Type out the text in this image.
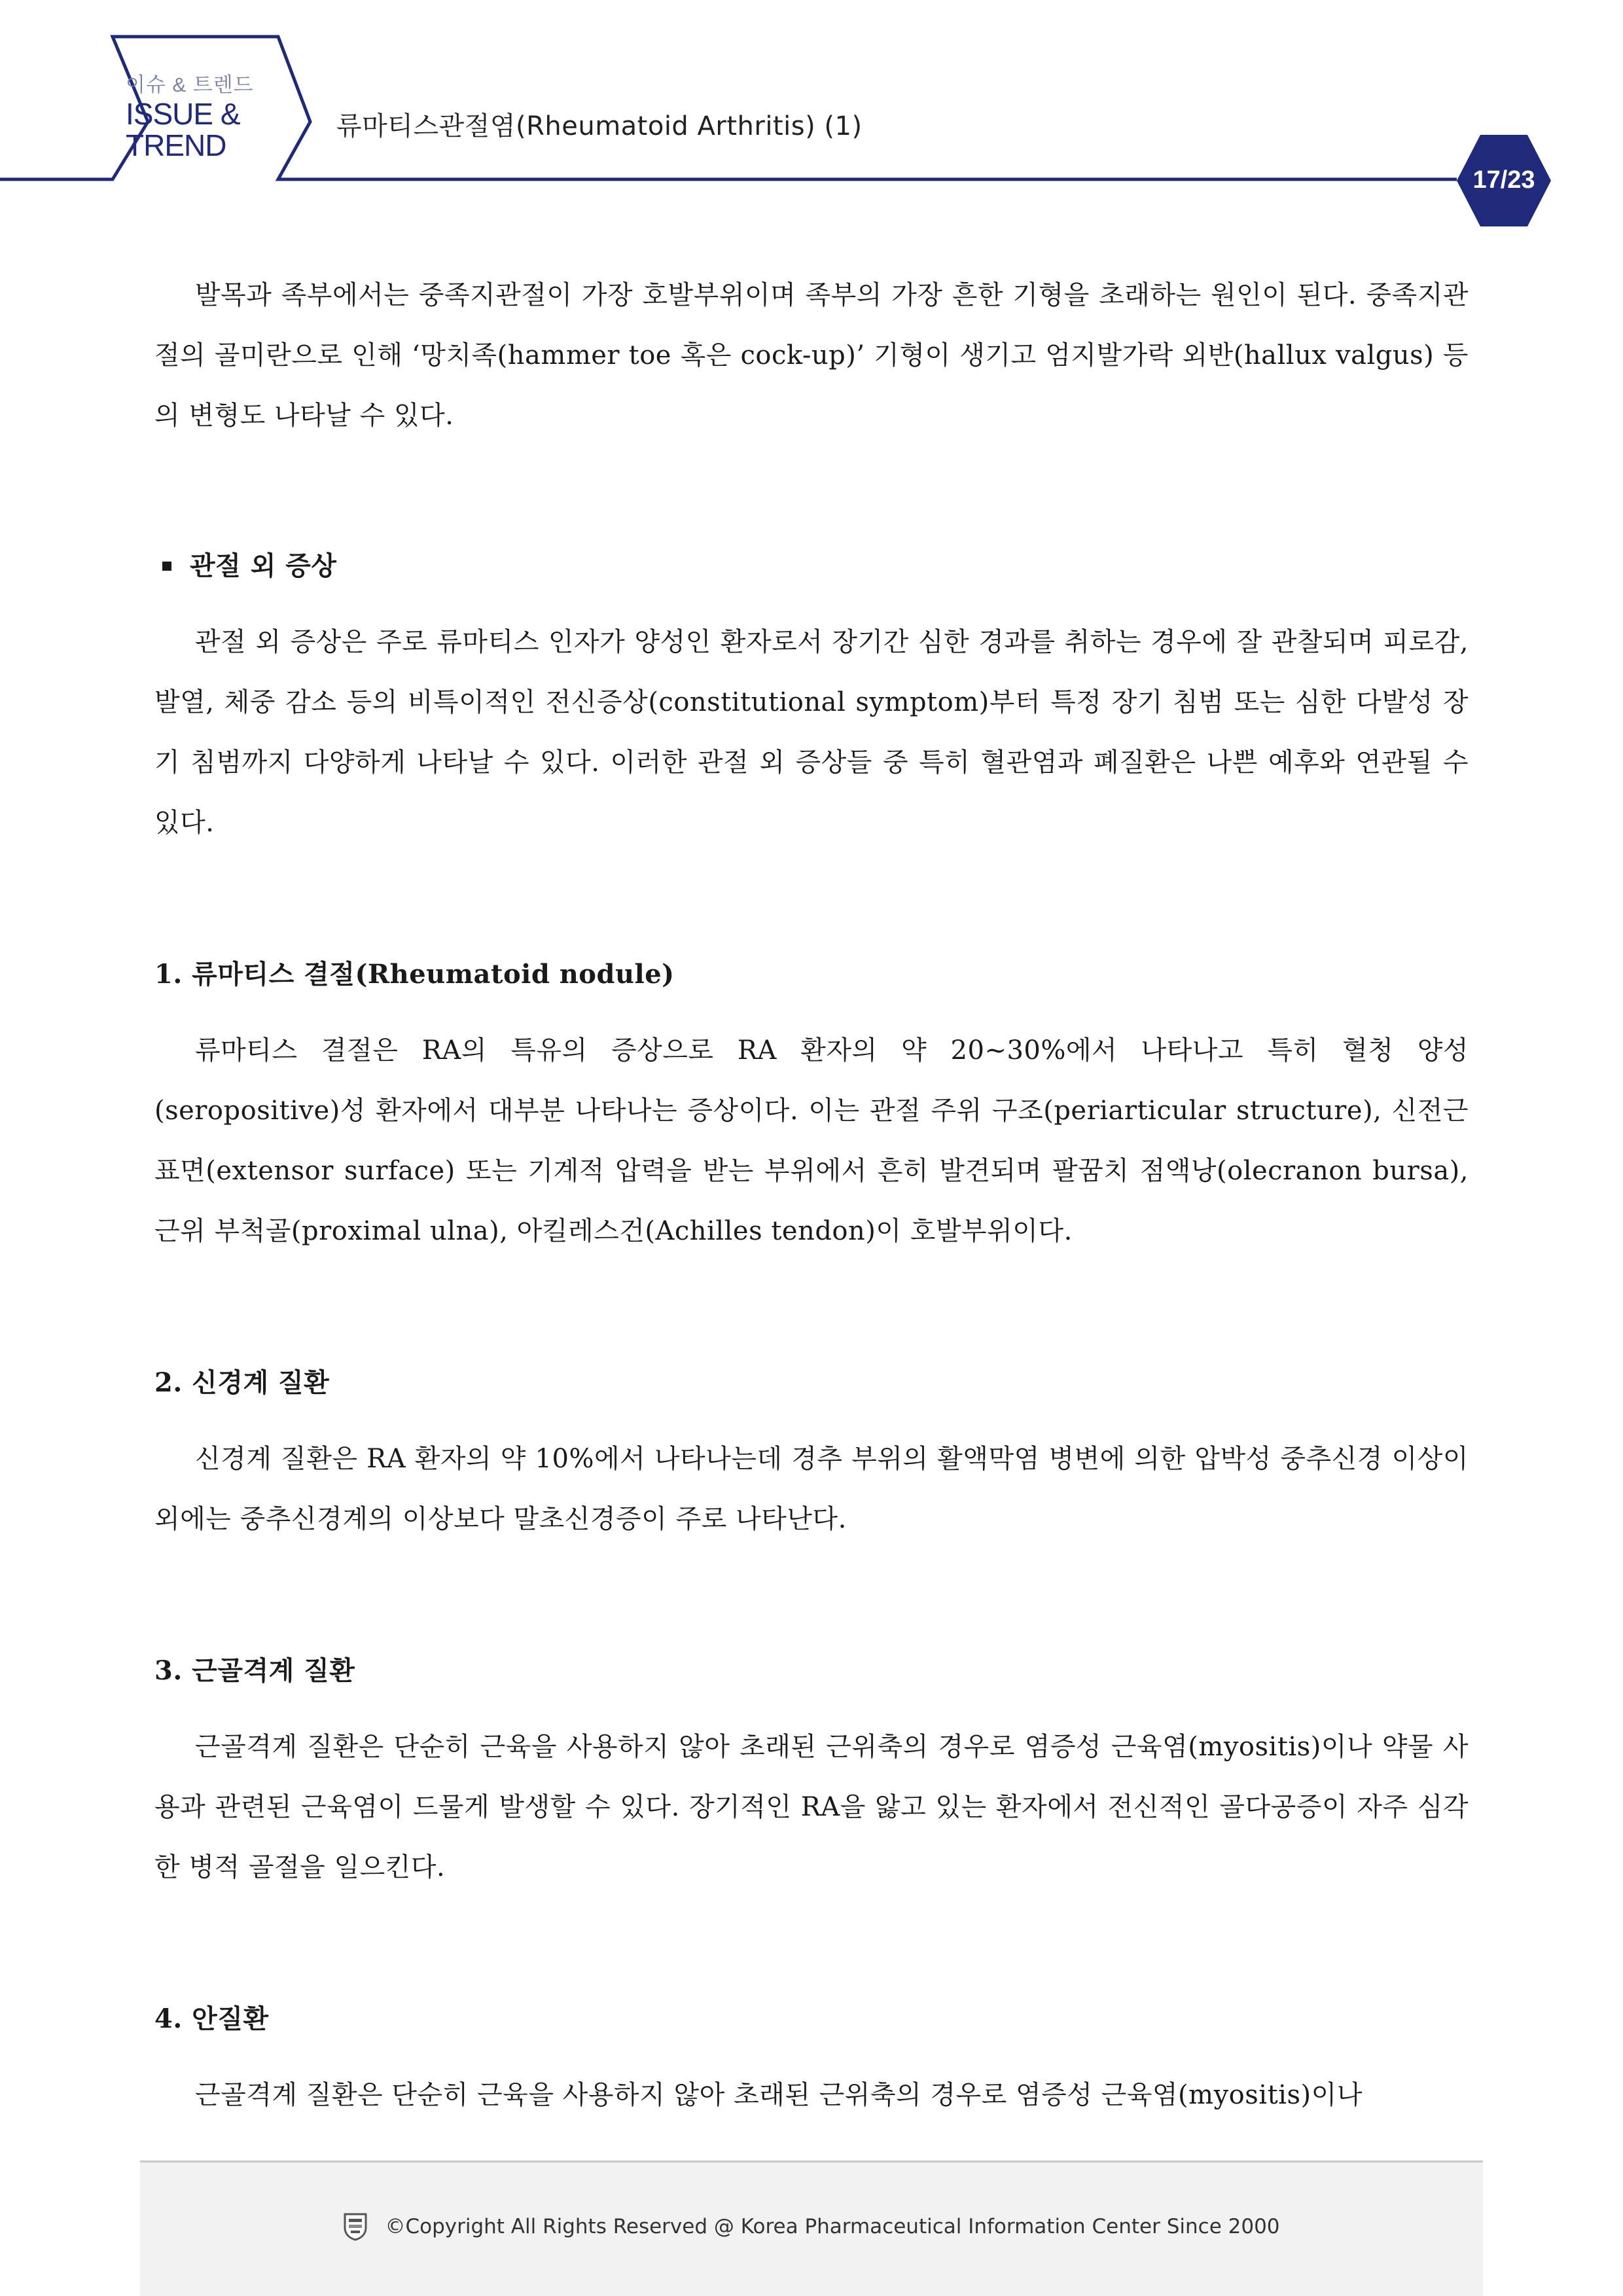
이슈 & 트렌드
ISSUE &
TREND
류마티스관절염(Rheumatoid Arthritis) (1)
17/23

발목과 족부에서는 중족지관절이 가장 호발부위이며 족부의 가장 흔한 기형을 초래하는 원인이 된다. 중족지관절의 골미란으로 인해 ‘망치족(hammer toe 혹은 cock-up)’ 기형이 생기고 엄지발가락 외반(hallux valgus) 등의 변형도 나타날 수 있다.

관절 외 증상

관절 외 증상은 주로 류마티스 인자가 양성인 환자로서 장기간 심한 경과를 취하는 경우에 잘 관찰되며 피로감, 발열, 체중 감소 등의 비특이적인 전신증상(constitutional symptom)부터 특정 장기 침범 또는 심한 다발성 장기 침범까지 다양하게 나타날 수 있다. 이러한 관절 외 증상들 중 특히 혈관염과 폐질환은 나쁜 예후와 연관될 수 있다.

1. 류마티스 결절(Rheumatoid nodule)

류마티스 결절은 RA의 특유의 증상으로 RA 환자의 약 20~30%에서 나타나고 특히 혈청 양성(seropositive)성 환자에서 대부분 나타나는 증상이다. 이는 관절 주위 구조(periarticular structure), 신전근 표면(extensor surface) 또는 기계적 압력을 받는 부위에서 흔히 발견되며 팔꿈치 점액낭(olecranon bursa), 근위 부척골(proximal ulna), 아킬레스건(Achilles tendon)이 호발부위이다.

2. 신경계 질환

신경계 질환은 RA 환자의 약 10%에서 나타나는데 경추 부위의 활액막염 병변에 의한 압박성 중추신경 이상이외에는 중추신경계의 이상보다 말초신경증이 주로 나타난다.

3. 근골격계 질환

근골격계 질환은 단순히 근육을 사용하지 않아 초래된 근위축의 경우로 염증성 근육염(myositis)이나 약물 사용과 관련된 근육염이 드물게 발생할 수 있다. 장기적인 RA을 앓고 있는 환자에서 전신적인 골다공증이 자주 심각한 병적 골절을 일으킨다.

4. 안질환

근골격계 질환은 단순히 근육을 사용하지 않아 초래된 근위축의 경우로 염증성 근육염(myositis)이나

©Copyright All Rights Reserved @ Korea Pharmaceutical Information Center Since 2000
